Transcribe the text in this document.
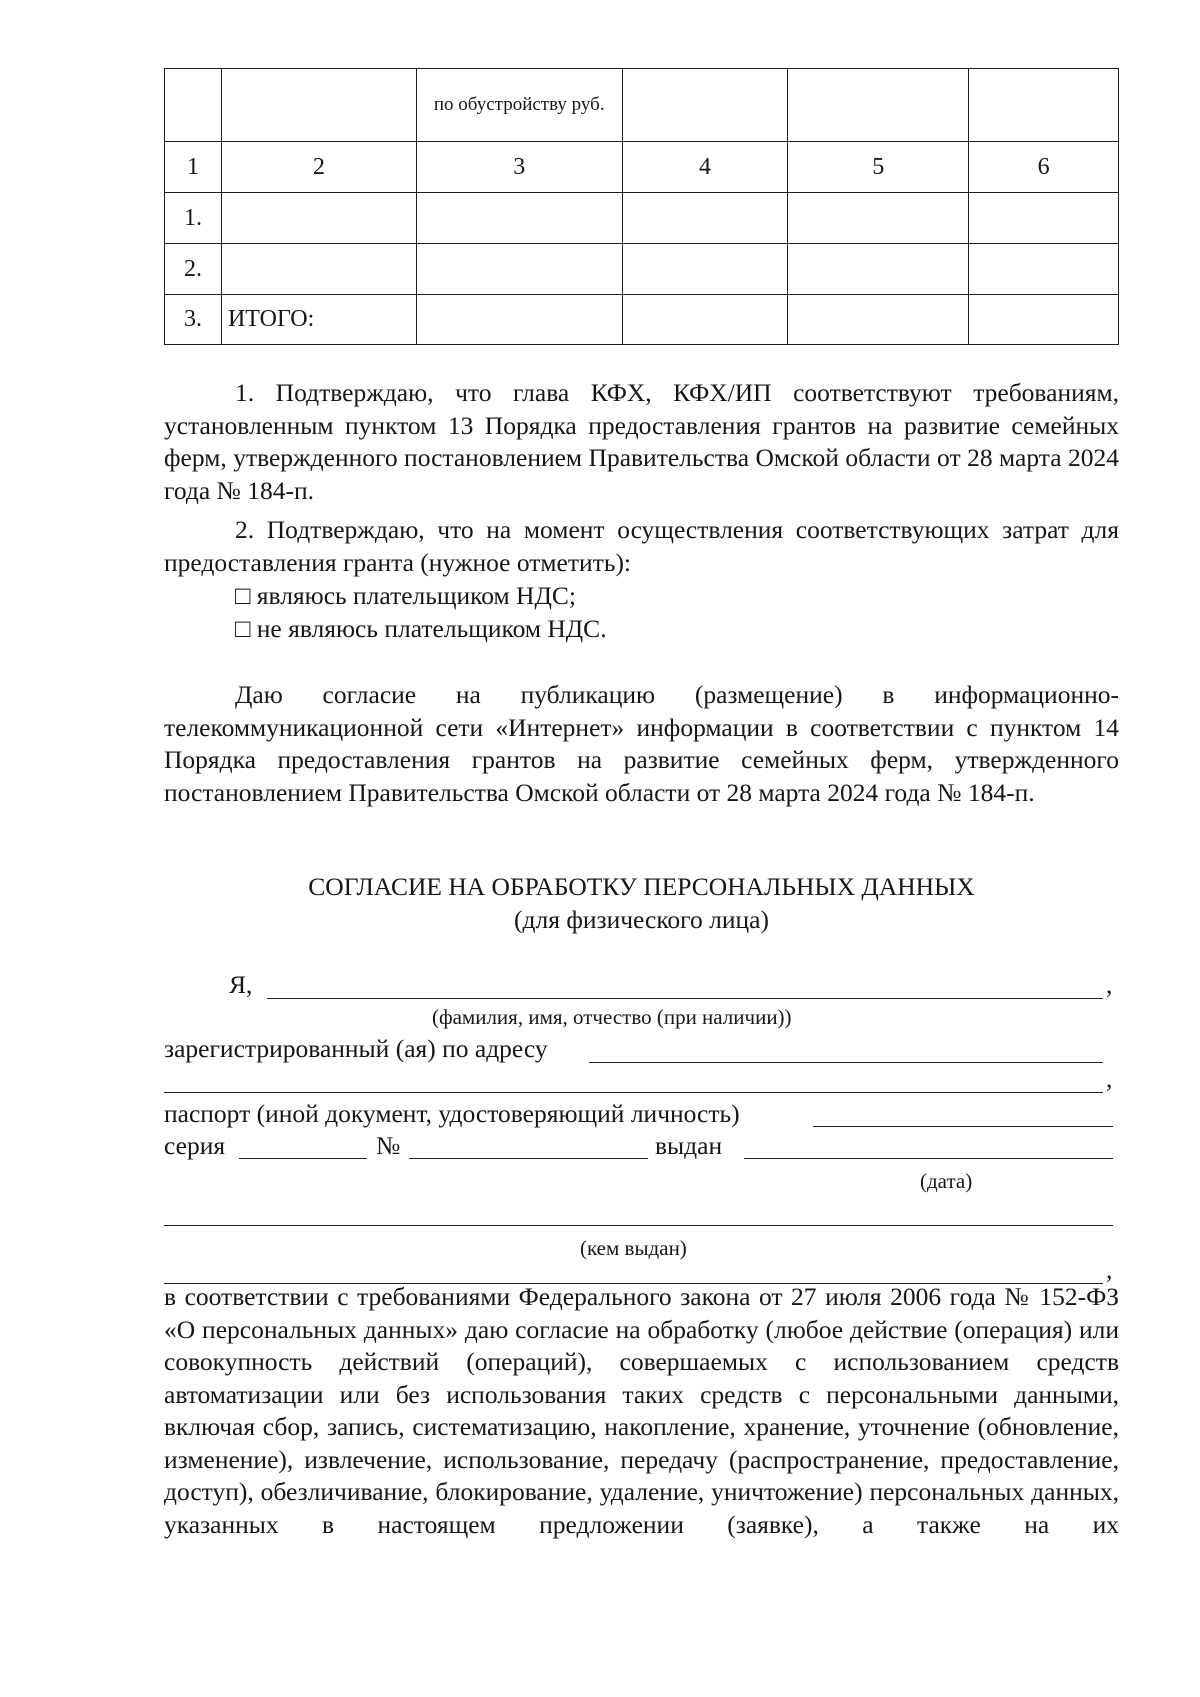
		по обустройству руб.			
1	2	3	4	5	6
1.					
2.					
3.	ИТОГО:				
1. Подтверждаю, что глава КФХ, КФХ/ИП соответствуют требованиям, установленным пунктом 13 Порядка предоставления грантов на развитие семейных ферм, утвержденного постановлением Правительства Омской области от 28 марта 2024 года № 184-п.
2. Подтверждаю, что на момент осуществления соответствующих затрат для предоставления гранта (нужное отметить):
□ являюсь плательщиком НДС;
□ не являюсь плательщиком НДС.
Даю согласие на публикацию (размещение) в информационно-телекоммуникационной сети «Интернет» информации в соответствии с пунктом 14 Порядка предоставления грантов на развитие семейных ферм, утвержденного постановлением Правительства Омской области от 28 марта 2024 года № 184-п.
СОГЛАСИЕ НА ОБРАБОТКУ ПЕРСОНАЛЬНЫХ ДАННЫХ
(для физического лица)
Я,	,
(фамилия, имя, отчество (при наличии))
зарегистрированный (ая) по адресу
,
паспорт (иной документ, удостоверяющий личность)
серия	№	выдан
(дата)
(кем выдан)
,
в соответствии с требованиями Федерального закона от 27 июля 2006 года № 152-ФЗ «О персональных данных» даю согласие на обработку (любое действие (операция) или совокупность действий (операций), совершаемых с использованием средств автоматизации или без использования таких средств с персональными данными, включая сбор, запись, систематизацию, накопление, хранение, уточнение (обновление, изменение), извлечение, использование, передачу (распространение, предоставление, доступ), обезличивание, блокирование, удаление, уничтожение) персональных данных, указанных в настоящем предложении (заявке), а также на их
